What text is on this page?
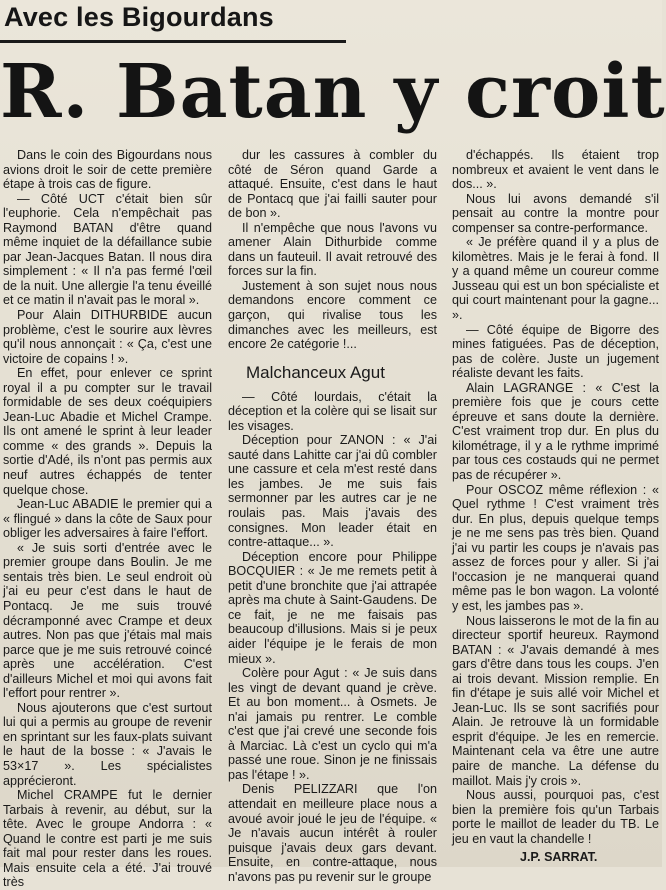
Avec les Bigourdans
R. Batan y croit

Dans le coin des Bigourdans nous avions droit le soir de cette première étape à trois cas de figure.

— Côté UCT c'était bien sûr l'euphorie. Cela n'empêchait pas Raymond BATAN d'être quand même inquiet de la défaillance subie par Jean-Jacques Batan. Il nous dira simplement : « Il n'a pas fermé l'œil de la nuit. Une allergie l'a tenu éveillé et ce matin il n'avait pas le moral ».

Pour Alain DITHURBIDE aucun problème, c'est le sourire aux lèvres qu'il nous annonçait : « Ça, c'est une victoire de copains ! ».

En effet, pour enlever ce sprint royal il a pu compter sur le travail formidable de ses deux coéquipiers Jean-Luc Abadie et Michel Crampe. Ils ont amené le sprint à leur leader comme « des grands ». Depuis la sortie d'Adé, ils n'ont pas permis aux neuf autres échappés de tenter quelque chose.

Jean-Luc ABADIE le premier qui a « flingué » dans la côte de Saux pour obliger les adversaires à faire l'effort.

« Je suis sorti d'entrée avec le premier groupe dans Boulin. Je me sentais très bien. Le seul endroit où j'ai eu peur c'est dans le haut de Pontacq. Je me suis trouvé décramponné avec Crampe et deux autres. Non pas que j'étais mal mais parce que je me suis retrouvé coincé après une accélération. C'est d'ailleurs Michel et moi qui avons fait l'effort pour rentrer ».

Nous ajouterons que c'est surtout lui qui a permis au groupe de revenir en sprintant sur les faux-plats suivant le haut de la bosse : « J'avais le 53×17 ». Les spécialistes apprécieront.

Michel CRAMPE fut le dernier Tarbais à revenir, au début, sur la tête. Avec le groupe Andorra : « Quand le contre est parti je me suis fait mal pour rester dans les roues. Mais ensuite cela a été. J'ai trouvé très

dur les cassures à combler du côté de Séron quand Garde a attaqué. Ensuite, c'est dans le haut de Pontacq que j'ai failli sauter pour de bon ».

Il n'empêche que nous l'avons vu amener Alain Dithurbide comme dans un fauteuil. Il avait retrouvé des forces sur la fin.

Justement à son sujet nous nous demandons encore comment ce garçon, qui rivalise tous les dimanches avec les meilleurs, est encore 2e catégorie !...

Malchanceux Agut

— Côté lourdais, c'était la déception et la colère qui se lisait sur les visages.

Déception pour ZANON : « J'ai sauté dans Lahitte car j'ai dû combler une cassure et cela m'est resté dans les jambes. Je me suis fais sermonner par les autres car je ne roulais pas. Mais j'avais des consignes. Mon leader était en contre-attaque... ».

Déception encore pour Philippe BOCQUIER : « Je me remets petit à petit d'une bronchite que j'ai attrapée après ma chute à Saint-Gaudens. De ce fait, je ne me faisais pas beaucoup d'illusions. Mais si je peux aider l'équipe je le ferais de mon mieux ».

Colère pour Agut : « Je suis dans les vingt de devant quand je crève. Et au bon moment... à Osmets. Je n'ai jamais pu rentrer. Le comble c'est que j'ai crevé une seconde fois à Marciac. Là c'est un cyclo qui m'a passé une roue. Sinon je ne finissais pas l'étape ! ».

Denis PELIZZARI que l'on attendait en meilleure place nous a avoué avoir joué le jeu de l'équipe. « Je n'avais aucun intérêt à rouler puisque j'avais deux gars devant. Ensuite, en contre-attaque, nous n'avons pas pu revenir sur le groupe

d'échappés. Ils étaient trop nombreux et avaient le vent dans le dos... ».

Nous lui avons demandé s'il pensait au contre la montre pour compenser sa contre-performance.

« Je préfère quand il y a plus de kilomètres. Mais je le ferai à fond. Il y a quand même un coureur comme Jusseau qui est un bon spécialiste et qui court maintenant pour la gagne... ».

— Côté équipe de Bigorre des mines fatiguées. Pas de déception, pas de colère. Juste un jugement réaliste devant les faits.

Alain LAGRANGE : « C'est la première fois que je cours cette épreuve et sans doute la dernière. C'est vraiment trop dur. En plus du kilométrage, il y a le rythme imprimé par tous ces costauds qui ne permet pas de récupérer ».

Pour OSCOZ même réflexion : « Quel rythme ! C'est vraiment très dur. En plus, depuis quelque temps je ne me sens pas très bien. Quand j'ai vu partir les coups je n'avais pas assez de forces pour y aller. Si j'ai l'occasion je ne manquerai quand même pas le bon wagon. La volonté y est, les jambes pas ».

Nous laisserons le mot de la fin au directeur sportif heureux. Raymond BATAN : « J'avais demandé à mes gars d'être dans tous les coups. J'en ai trois devant. Mission remplie. En fin d'étape je suis allé voir Michel et Jean-Luc. Ils se sont sacrifiés pour Alain. Je retrouve là un formidable esprit d'équipe. Je les en remercie. Maintenant cela va être une autre paire de manche. La défense du maillot. Mais j'y crois ».

Nous aussi, pourquoi pas, c'est bien la première fois qu'un Tarbais porte le maillot de leader du TB. Le jeu en vaut la chandelle !

J.P. SARRAT.
